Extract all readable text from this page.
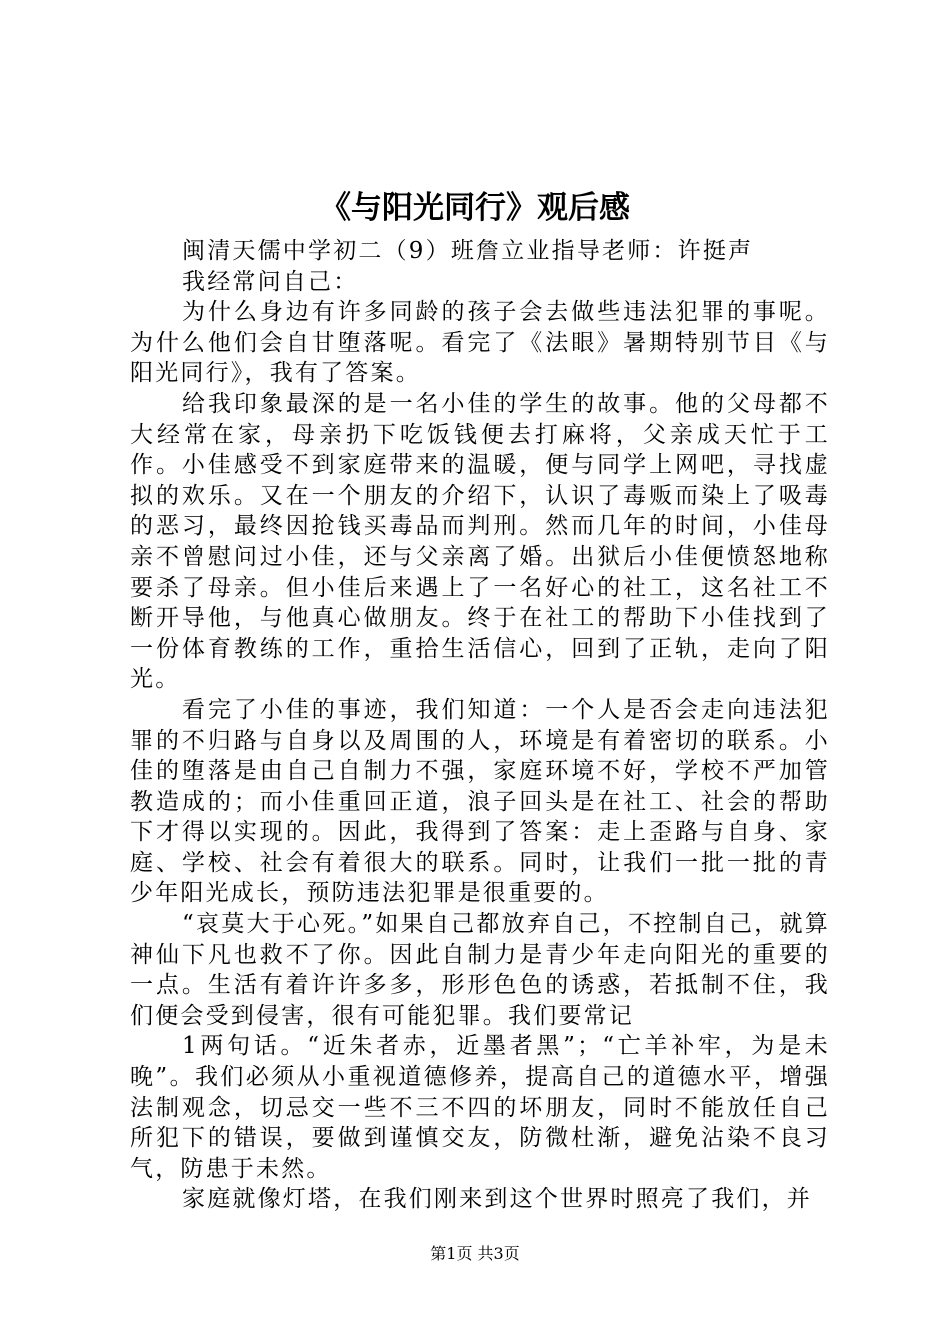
《与阳光同行》观后感

闽清天儒中学初二（9）班詹立业指导老师：许挺声

我经常问自己：

为什么身边有许多同龄的孩子会去做些违法犯罪的事呢。为什么他们会自甘堕落呢。看完了《法眼》暑期特别节目《与阳光同行》，我有了答案。

给我印象最深的是一名小佳的学生的故事。他的父母都不大经常在家，母亲扔下吃饭钱便去打麻将，父亲成天忙于工作。小佳感受不到家庭带来的温暖，便与同学上网吧，寻找虚拟的欢乐。又在一个朋友的介绍下，认识了毒贩而染上了吸毒的恶习，最终因抢钱买毒品而判刑。然而几年的时间，小佳母亲不曾慰问过小佳，还与父亲离了婚。出狱后小佳便愤怒地称要杀了母亲。但小佳后来遇上了一名好心的社工，这名社工不断开导他，与他真心做朋友。终于在社工的帮助下小佳找到了一份体育教练的工作，重拾生活信心，回到了正轨，走向了阳光。

看完了小佳的事迹，我们知道：一个人是否会走向违法犯罪的不归路与自身以及周围的人，环境是有着密切的联系。小佳的堕落是由自己自制力不强，家庭环境不好，学校不严加管教造成的；而小佳重回正道，浪子回头是在社工、社会的帮助下才得以实现的。因此，我得到了答案：走上歪路与自身、家庭、学校、社会有着很大的联系。同时，让我们一批一批的青少年阳光成长，预防违法犯罪是很重要的。

“哀莫大于心死。”如果自己都放弃自己，不控制自己，就算神仙下凡也救不了你。因此自制力是青少年走向阳光的重要的一点。生活有着许许多多，形形色色的诱惑，若抵制不住，我们便会受到侵害，很有可能犯罪。我们要常记

1两句话。“近朱者赤，近墨者黑”；“亡羊补牢，为是未晚”。我们必须从小重视道德修养，提高自己的道德水平，增强法制观念，切忌交一些不三不四的坏朋友，同时不能放任自己所犯下的错误，要做到谨慎交友，防微杜渐，避免沾染不良习气，防患于未然。

家庭就像灯塔，在我们刚来到这个世界时照亮了我们，并

第1页 共3页
